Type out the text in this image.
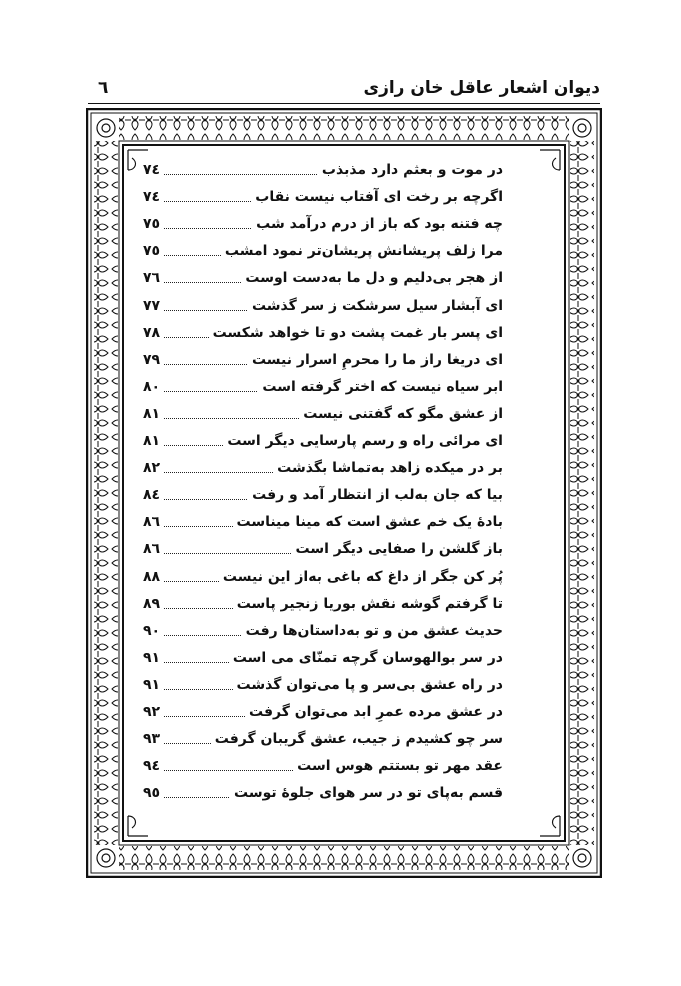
دیوان اشعار عاقل خان رازی
٦
در موت و بعثم دارد مذبذب
٧٤
اگرچه بر رخت ای آفتاب نیست نقاب
٧٤
چه فتنه بود که باز از درم درآمد شب
٧٥
مرا زلف پریشانش پریشان‌تر نمود امشب
٧٥
از هجر بی‌دلیم و دل ما به‌دست اوست
٧٦
ای آبشار سیل سرشکت ز سر گذشت
٧٧
ای پسر بار غمت پشت دو تا خواهد شکست
٧٨
ای دریغا راز ما را محرمِ اسرار نیست
٧٩
ابر سیاه نیست که اختر گرفته است
٨٠
از عشق مگو که گفتنی نیست
٨١
ای مرائی راه و رسم پارسایی دیگر است
٨١
بر در میکده زاهد به‌تماشا بگذشت
٨٢
بیا که جان به‌لب از انتظار آمد و رفت
٨٤
بادهٔ یک خم عشق است که مینا میناست
٨٦
باز گلشن را صفایی دیگر است
٨٦
پُر کن جگر از داغ که باغی به‌از این نیست
٨٨
تا گرفتم گوشه نقش بوریا زنجیر پاست
٨٩
حدیث عشق من و تو به‌داستان‌ها رفت
٩٠
در سر بوالهوسان گرچه تمنّای می است
٩١
در راه عشق بی‌سر و پا می‌توان گذشت
٩١
در عشق مرده عمرِ ابد می‌توان گرفت
٩٢
سر چو کشیدم ز جیب، عشق گریبان گرفت
٩٣
عقد مهر تو بستتم هوس است
٩٤
قسم به‌پای تو در سر هوای جلوهٔ توست
٩٥
